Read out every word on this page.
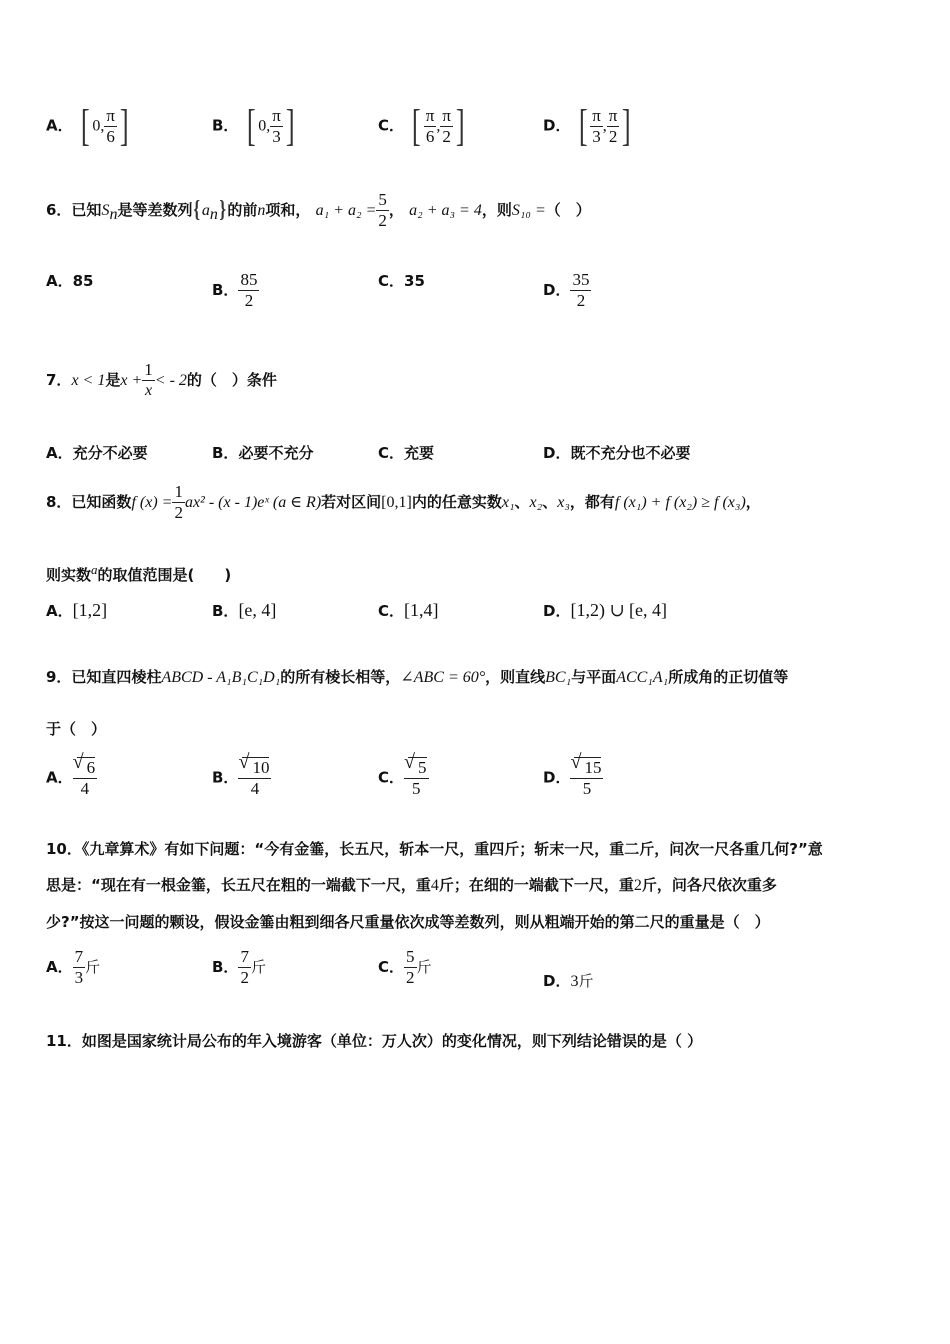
A． [ 0, $\frac{\pi}{6}$ ]	B． [ 0, $\frac{\pi}{3}$ ]	C． [ $\frac{\pi}{6}$ , $\frac{\pi}{2}$ ]	D． [ $\frac{\pi}{3}$ , $\frac{\pi}{2}$ ]
6．已知$S_n$是等差数列$\{a_n\}$的前n项和， $a_1 + a_2 = \frac{5}{2}$ ， a₂ + a₃ = 4，则S₁₀ =（　）
A．85	B． $\frac{85}{2}$	C．35	D． $\frac{35}{2}$
7．x < 1是$x + \frac{1}{x}$ < - 2的（　）条件
A．充分不必要	B．必要不充分	C．充要	D．既不充分也不必要
8．已知函数f $(x) = \frac{1}{2} ax^2 - (x$ - 1)eˣ (a ∈ R)若对区间[0,1]内的任意实数x₁、x₂、x₃，都有f (x₁) + f (x₂) ≥ f (x₃)，
则实数$^a$的取值范围是(　　)
A．[1,2]	B．[e, 4]	C．[1,4]	D．[1,2) ∪ [e, 4]
9．已知直四棱柱ABCD - A₁B₁C₁D₁的所有棱长相等，∠ABC = 60°，则直线BC₁与平面ACC₁A₁所成角的正切值等
于（　）
A． √ $\frac{6}{4}$	B． √ $\frac{10}{4}$	C． √ $\frac{5}{5}$	D． √ $\frac{15}{5}$
10．《九章算术》有如下问题：“今有金箠，长五尺，斩本一尺，重四斤；斩末一尺，重二斤，问次一尺各重几何?”意
思是：“现在有一根金箠，长五尺在粗的一端截下一尺，重4斤；在细的一端截下一尺，重2斤，问各尺依次重多
少?”按这一问题的颗设，假设金箠由粗到细各尺重量依次成等差数列，则从粗端开始的第二尺的重量是（　）
A． $\frac{7}{3}$ 斤	B． $\frac{7}{2}$ 斤	C． $\frac{5}{2}$ 斤
D．3斤
11．如图是国家统计局公布的年入境游客（单位：万人次）的变化情况，则下列结论错误的是（ ）
